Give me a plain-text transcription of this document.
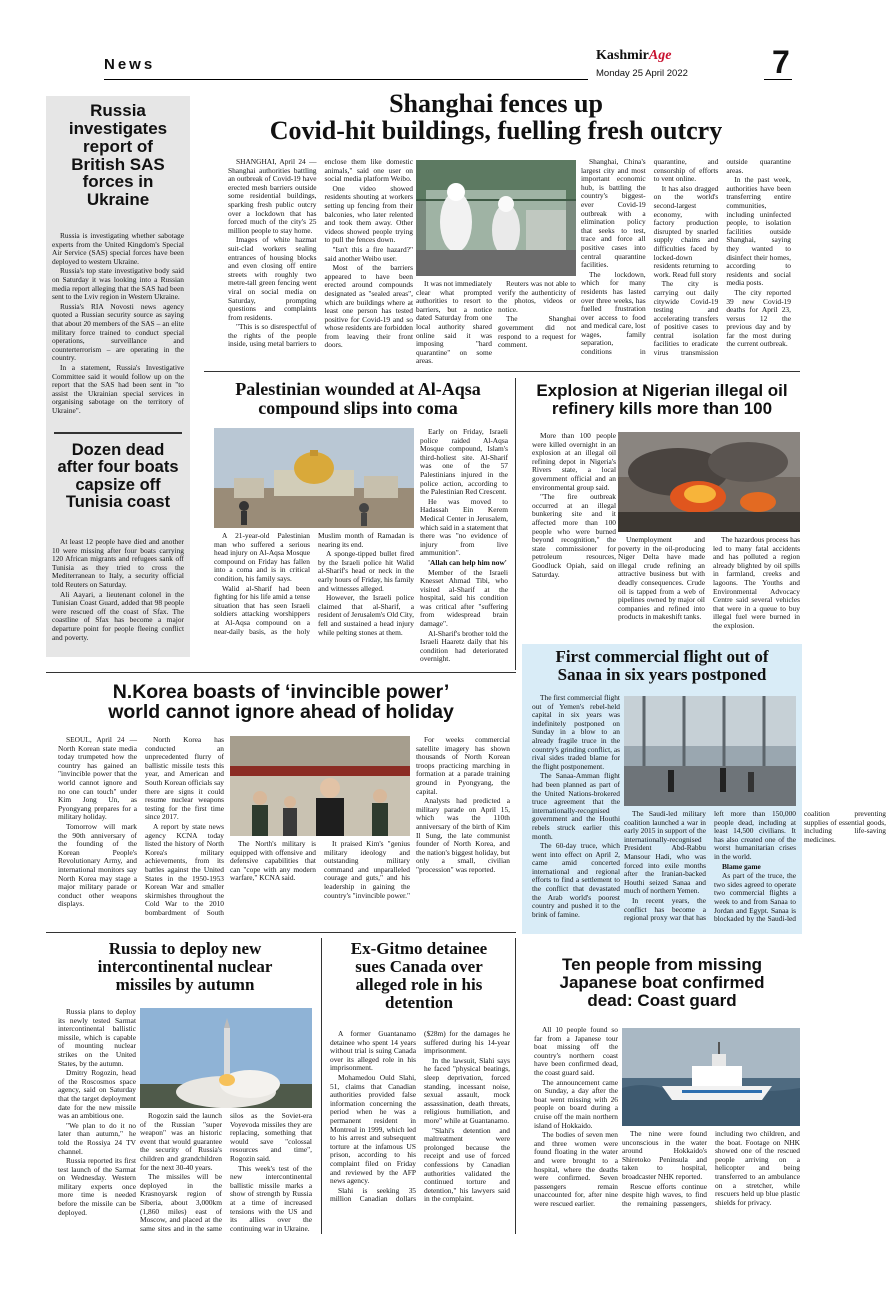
News
KashmirAge
Monday 25 April 2022	7
Russia investigates report of British SAS forces in Ukraine

Russia is investigating whether sabotage experts from the United Kingdom's Special Air Service (SAS) special forces have been deployed to western Ukraine.

Russia's top state investigative body said on Saturday it was looking into a Russian media report alleging that the SAS had been sent to the Lviv region in Western Ukraine.

Russia's RIA Novosti news agency quoted a Russian security source as saying that about 20 members of the SAS – an elite military force trained to conduct special operations, surveillance and counterterrorism – are operating in the country.

In a statement, Russia's Investigative Committee said it would follow up on the report that the SAS had been sent in "to assist the Ukrainian special services in organising sabotage on the territory of Ukraine".

Dozen dead after four boats capsize off Tunisia coast

At least 12 people have died and another 10 were missing after four boats carrying 120 African migrants and refugees sank off Tunisia as they tried to cross the Mediterranean to Italy, a security official told Reuters on Saturday.

Ali Aayari, a lieutenant colonel in the Tunisian Coast Guard, added that 98 people were rescued off the coast of Sfax. The coastline of Sfax has become a major departure point for people fleeing conflict and poverty.

Shanghai fences up
Covid-hit buildings, fuelling fresh outcry

SHANGHAI, April 24 — Shanghai authorities battling an outbreak of Covid-19 have erected mesh barriers outside some residential buildings, sparking fresh public outcry over a lockdown that has forced much of the city's 25 million people to stay home.

Images of white hazmat suit-clad workers sealing entrances of housing blocks and even closing off entire streets with roughly two metre-tall green fencing went viral on social media on Saturday, prompting questions and complaints from residents.

"This is so disrespectful of the rights of the people inside, using metal barriers to enclose them like domestic animals," said one user on social media platform Weibo.

One video showed residents shouting at workers setting up fencing from their balconies, who later relented and took them away. Other videos showed people trying to pull the fences down.

"Isn't this a fire hazard?" said another Weibo user.

Most of the barriers appeared to have been erected around compounds designated as "sealed areas", which are buildings where at least one person has tested positive for Covid-19 and so whose residents are forbidden from leaving their front doors.

It was not immediately clear what prompted authorities to resort to barriers, but a notice dated Saturday from one local authority shared online said it was imposing "hard quarantine" on some areas.

Reuters was not able to verify the authenticity of the photos, videos or notice.

The Shanghai government did not respond to a request for comment.

Shanghai, China's largest city and most important economic hub, is battling the country's biggest-ever Covid-19 outbreak with a elimination policy that seeks to test, trace and force all positive cases into central quarantine facilities.

The lockdown, which for many residents has lasted over three weeks, has fuelled frustration over access to food and medical care, lost wages, family separation, conditions in quarantine, and censorship of efforts to vent online.

It has also dragged on the world's second-largest economy, with factory production disrupted by snarled supply chains and difficulties faced by locked-down residents returning to work. Read full story

The city is carrying out daily citywide Covid-19 testing and accelerating transfers of positive cases to central isolation facilities to eradicate virus transmission outside quarantine areas.

In the past week, authorities have been transferring entire communities, including uninfected people, to isolation facilities outside Shanghai, saying they wanted to disinfect their homes, according to residents and social media posts.

The city reported 39 new Covid-19 deaths for April 23, versus 12 the previous day and by far the most during the current outbreak.

Palestinian wounded at Al-Aqsa
compound slips into coma

A 21-year-old Palestinian man who suffered a serious head injury on Al-Aqsa Mosque compound on Friday has fallen into a coma and is in critical condition, his family says.

Walid al-Sharif had been fighting for his life amid a tense situation that has seen Israeli soldiers attacking worshippers at Al-Aqsa compound on a near-daily basis, as the holy Muslim month of Ramadan is nearing its end.

A sponge-tipped bullet fired by the Israeli police hit Walid al-Sharif's head or neck in the early hours of Friday, his family and witnesses alleged.

However, the Israeli police claimed that al-Sharif, a resident of Jerusalem's Old City, fell and sustained a head injury while pelting stones at them.

Early on Friday, Israeli police raided Al-Aqsa Mosque compound, Islam's third-holiest site. Al-Sharif was one of the 57 Palestinians injured in the police action, according to the Palestinian Red Crescent.

He was moved to Hadassah Ein Kerem Medical Center in Jerusalem, which said in a statement that there was "no evidence of injury from live ammunition".

'Allah can help him now'

Member of the Israeli Knesset Ahmad Tibi, who visited al-Sharif at the hospital, said his condition was critical after "suffering from widespread brain damage".

Al-Sharif's brother told the Israeli Haaretz daily that his condition had deteriorated overnight.

Explosion at Nigerian illegal oil
refinery kills more than 100

More than 100 people were killed overnight in an explosion at an illegal oil refining depot in Nigeria's Rivers state, a local government official and an environmental group said.

"The fire outbreak occurred at an illegal bunkering site and it affected more than 100 people who were burned beyond recognition," the state commissioner for petroleum resources, Goodluck Opiah, said on Saturday.

Unemployment and poverty in the oil-producing Niger Delta have made illegal crude refining an attractive business but with deadly consequences. Crude oil is tapped from a web of pipelines owned by major oil companies and refined into products in makeshift tanks.

The hazardous process has led to many fatal accidents and has polluted a region already blighted by oil spills in farmland, creeks and lagoons. The Youths and Environmental Advocacy Centre said several vehicles that were in a queue to buy illegal fuel were burned in the explosion.

N.Korea boasts of ‘invincible power’
world cannot ignore ahead of holiday

SEOUL, April 24 — North Korean state media today trumpeted how the country has gained an "invincible power that the world cannot ignore and no one can touch" under Kim Jong Un, as Pyongyang prepares for a military holiday.

Tomorrow will mark the 90th anniversary of the founding of the Korean People's Revolutionary Army, and international monitors say North Korea may stage a major military parade or conduct other weapons displays.

North Korea has conducted an unprecedented flurry of ballistic missile tests this year, and American and South Korean officials say there are signs it could resume nuclear weapons testing for the first time since 2017.

A report by state news agency KCNA today listed the history of North Korea's military achievements, from its battles against the United States in the 1950-1953 Korean War and smaller skirmishes throughout the Cold War to the 2010 bombardment of South

The North's military is equipped with offensive and defensive capabilities that can "cope with any modern warfare," KCNA said.

It praised Kim's "genius military ideology and outstanding military command and unparalleled courage and guts," and his leadership in gaining the country's "invincible power."

For weeks commercial satellite imagery has shown thousands of North Korean troops practicing marching in formation at a parade training ground in Pyongyang, the capital.

Analysts had predicted a military parade on April 15, which was the 110th anniversary of the birth of Kim Il Sung, the late communist founder of North Korea, and the nation's biggest holiday, but only a small, civilian "procession" was reported.

First commercial flight out of
Sanaa in six years postponed

The first commercial flight out of Yemen's rebel-held capital in six years was indefinitely postponed on Sunday in a blow to an already fragile truce in the country's grinding conflict, as rival sides traded blame for the flight postponement.

The Sanaa-Amman flight had been planned as part of the United Nations-brokered truce agreement that the internationally-recognised government and the Houthi rebels struck earlier this month.

The 60-day truce, which went into effect on April 2, came amid concerted international and regional efforts to find a settlement to the conflict that devastated the Arab world's poorest country and pushed it to the brink of famine.

The Saudi-led military coalition launched a war in early 2015 in support of the internationally-recognised President Abd-Rabbu Mansour Hadi, who was forced into exile months after the Iranian-backed Houthi seized Sanaa and much of northern Yemen.

In recent years, the conflict has become a regional proxy war that has left more than 150,000 people dead, including at least 14,500 civilians. It has also created one of the worst humanitarian crises in the world.

Blame game

As part of the truce, the two sides agreed to operate two commercial flights a week to and from Sanaa to Jordan and Egypt. Sanaa is blockaded by the Saudi-led coalition preventing supplies of essential goods, including life-saving medicines.

Russia to deploy new
intercontinental nuclear
missiles by autumn

Russia plans to deploy its newly tested Sarmat intercontinental ballistic missile, which is capable of mounting nuclear strikes on the United States, by the autumn.

Dmitry Rogozin, head of the Roscosmos space agency, said on Saturday that the target deployment date for the new missile was an ambitious one.

"We plan to do it no later than autumn," he told the Rossiya 24 TV channel.

Russia reported its first test launch of the Sarmat on Wednesday. Western military experts once more time is needed before the missile can be deployed.

Rogozin said the launch of the Russian "super weapon" was an historic event that would guarantee the security of Russia's children and grandchildren for the next 30-40 years.

The missiles will be deployed in the Krasnoyarsk region of Siberia, about 3,000km (1,860 miles) east of Moscow, and placed at the same sites and in the same silos as the Soviet-era Voyevoda missiles they are replacing, something that would save "colossal resources and time", Rogozin said.

This week's test of the new intercontinental ballistic missile marks a show of strength by Russia at a time of increased tensions with the US and its allies over the continuing war in Ukraine.

Ex-Gitmo detainee
sues Canada over
alleged role in his
detention

A former Guantanamo detainee who spent 14 years without trial is suing Canada over its alleged role in his imprisonment.

Mohamedou Ould Slahi, 51, claims that Canadian authorities provided false information concerning the period when he was a permanent resident in Montreal in 1999, which led to his arrest and subsequent torture at the infamous US prison, according to his complaint filed on Friday and reviewed by the AFP news agency.

Slahi is seeking 35 million Canadian dollars ($28m) for the damages he suffered during his 14-year imprisonment.

In the lawsuit, Slahi says he faced "physical beatings, sleep deprivation, forced standing, incessant noise, sexual assault, mock assassination, death threats, religious humiliation, and more" while at Guantanamo.

"Slahi's detention and maltreatment were prolonged because the receipt and use of forced confessions by Canadian authorities validated the continued torture and detention," his lawyers said in the complaint.

Ten people from missing
Japanese boat confirmed
dead: Coast guard

All 10 people found so far from a Japanese tour boat missing off the country's northern coast have been confirmed dead, the coast guard said.

The announcement came on Sunday, a day after the boat went missing with 26 people on board during a cruise off the main northern island of Hokkaido.

The bodies of seven men and three women were found floating in the water and were brought to a hospital, where the deaths were confirmed. Seven passengers remain unaccounted for, after nine were rescued earlier.

The nine were found unconscious in the water around Hokkaido's Shiretoko Peninsula and taken to hospital, broadcaster NHK reported.

Rescue efforts continue despite high waves, to find the remaining passengers, including two children, and the boat. Footage on NHK showed one of the rescued people arriving on a helicopter and being transferred to an ambulance on a stretcher, while rescuers held up blue plastic shields for privacy.
